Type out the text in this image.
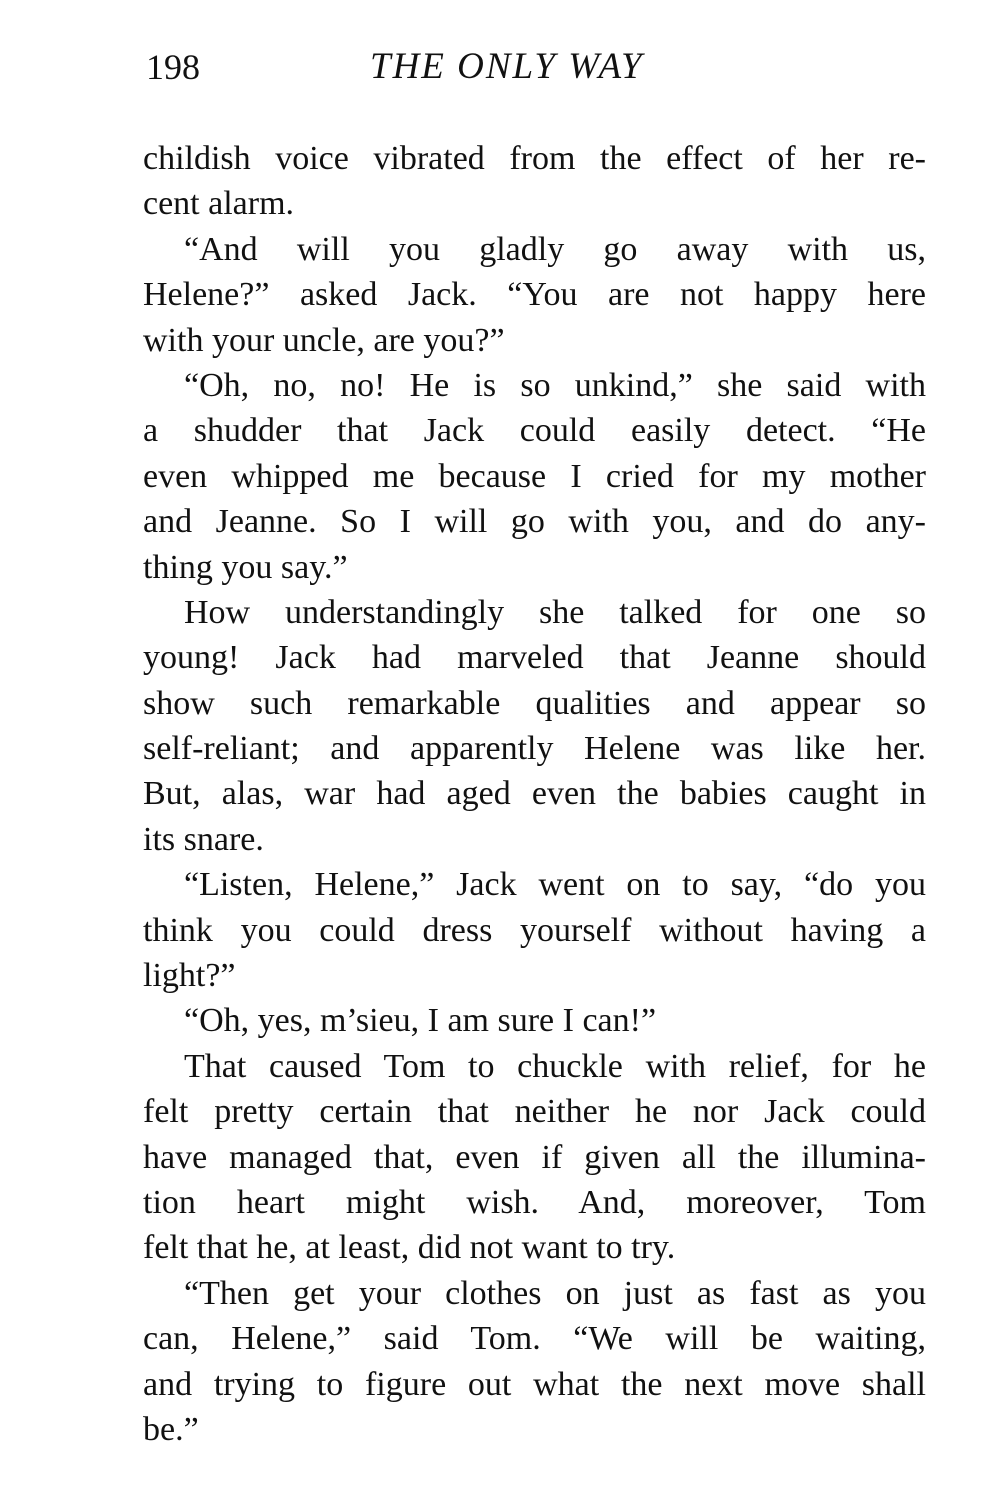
198	THE ONLY WAY
childish voice vibrated from the effect of her re-
cent alarm.
“And will you gladly go away with us,
Helene?” asked Jack. “You are not happy here
with your uncle, are you?”
“Oh, no, no! He is so unkind,” she said with
a shudder that Jack could easily detect. “He
even whipped me because I cried for my mother
and Jeanne. So I will go with you, and do any-
thing you say.”
How understandingly she talked for one so
young! Jack had marveled that Jeanne should
show such remarkable qualities and appear so
self-reliant; and apparently Helene was like her.
But, alas, war had aged even the babies caught in
its snare.
“Listen, Helene,” Jack went on to say, “do you
think you could dress yourself without having a
light?”
“Oh, yes, m’sieu, I am sure I can!”
That caused Tom to chuckle with relief, for he
felt pretty certain that neither he nor Jack could
have managed that, even if given all the illumina-
tion heart might wish. And, moreover, Tom
felt that he, at least, did not want to try.
“Then get your clothes on just as fast as you
can, Helene,” said Tom. “We will be waiting,
and trying to figure out what the next move shall
be.”
